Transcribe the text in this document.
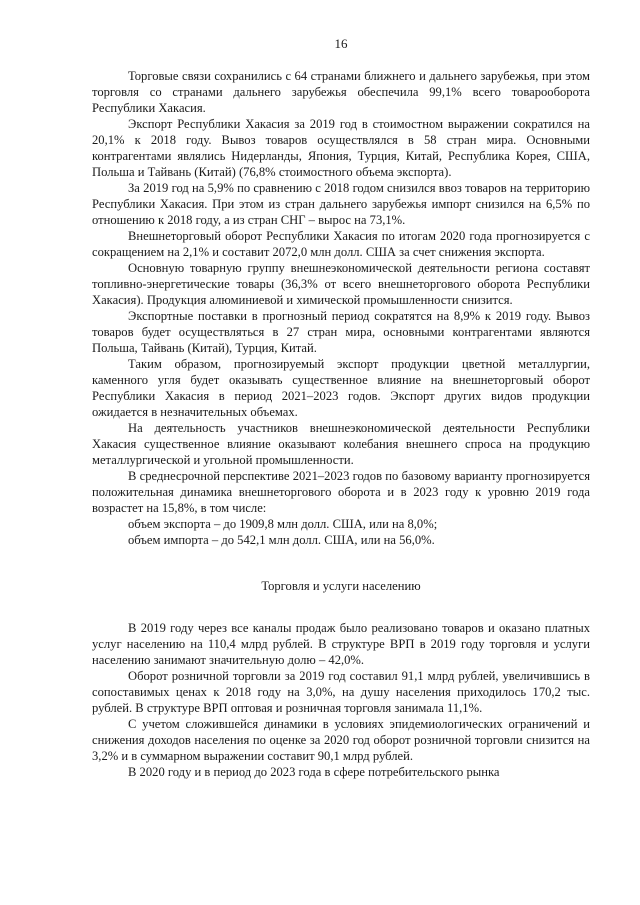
16

Торговые связи сохранились с 64 странами ближнего и дальнего зарубежья, при этом торговля со странами дальнего зарубежья обеспечила 99,1% всего товарооборота Республики Хакасия.

Экспорт Республики Хакасия за 2019 год в стоимостном выражении сократился на 20,1% к 2018 году. Вывоз товаров осуществлялся в 58 стран мира. Основными контрагентами являлись Нидерланды, Япония, Турция, Китай, Республика Корея, США, Польша и Тайвань (Китай) (76,8% стоимостного объема экспорта).

За 2019 год на 5,9% по сравнению с 2018 годом снизился ввоз товаров на территорию Республики Хакасия. При этом из стран дальнего зарубежья импорт снизился на 6,5% по отношению к 2018 году, а из стран СНГ – вырос на 73,1%.

Внешнеторговый оборот Республики Хакасия по итогам 2020 года прогнозируется с сокращением на 2,1% и составит 2072,0 млн долл. США за счет снижения экспорта.

Основную товарную группу внешнеэкономической деятельности региона составят топливно-энергетические товары (36,3% от всего внешнеторгового оборота Республики Хакасия). Продукция алюминиевой и химической промышленности снизится.

Экспортные поставки в прогнозный период сократятся на 8,9% к 2019 году. Вывоз товаров будет осуществляться в 27 стран мира, основными контрагентами являются Польша, Тайвань (Китай), Турция, Китай.

Таким образом, прогнозируемый экспорт продукции цветной металлургии, каменного угля будет оказывать существенное влияние на внешнеторговый оборот Республики Хакасия в период 2021–2023 годов. Экспорт других видов продукции ожидается в незначительных объемах.

На деятельность участников внешнеэкономической деятельности Республики Хакасия существенное влияние оказывают колебания внешнего спроса на продукцию металлургической и угольной промышленности.

В среднесрочной перспективе 2021–2023 годов по базовому варианту прогнозируется положительная динамика внешнеторгового оборота и в 2023 году к уровню 2019 года возрастет на 15,8%, в том числе:

объем экспорта – до 1909,8 млн долл. США, или на 8,0%;

объем импорта – до 542,1 млн долл. США, или на 56,0%.

Торговля и услуги населению

В 2019 году через все каналы продаж было реализовано товаров и оказано платных услуг населению на 110,4 млрд рублей. В структуре ВРП в 2019 году торговля и услуги населению занимают значительную долю – 42,0%.

Оборот розничной торговли за 2019 год составил 91,1 млрд рублей, увеличившись в сопоставимых ценах к 2018 году на 3,0%, на душу населения приходилось 170,2 тыс. рублей. В структуре ВРП оптовая и розничная торговля занимала 11,1%.

С учетом сложившейся динамики в условиях эпидемиологических ограничений и снижения доходов населения по оценке за 2020 год оборот розничной торговли снизится на 3,2% и в суммарном выражении составит 90,1 млрд рублей.

В 2020 году и в период до 2023 года в сфере потребительского рынка
